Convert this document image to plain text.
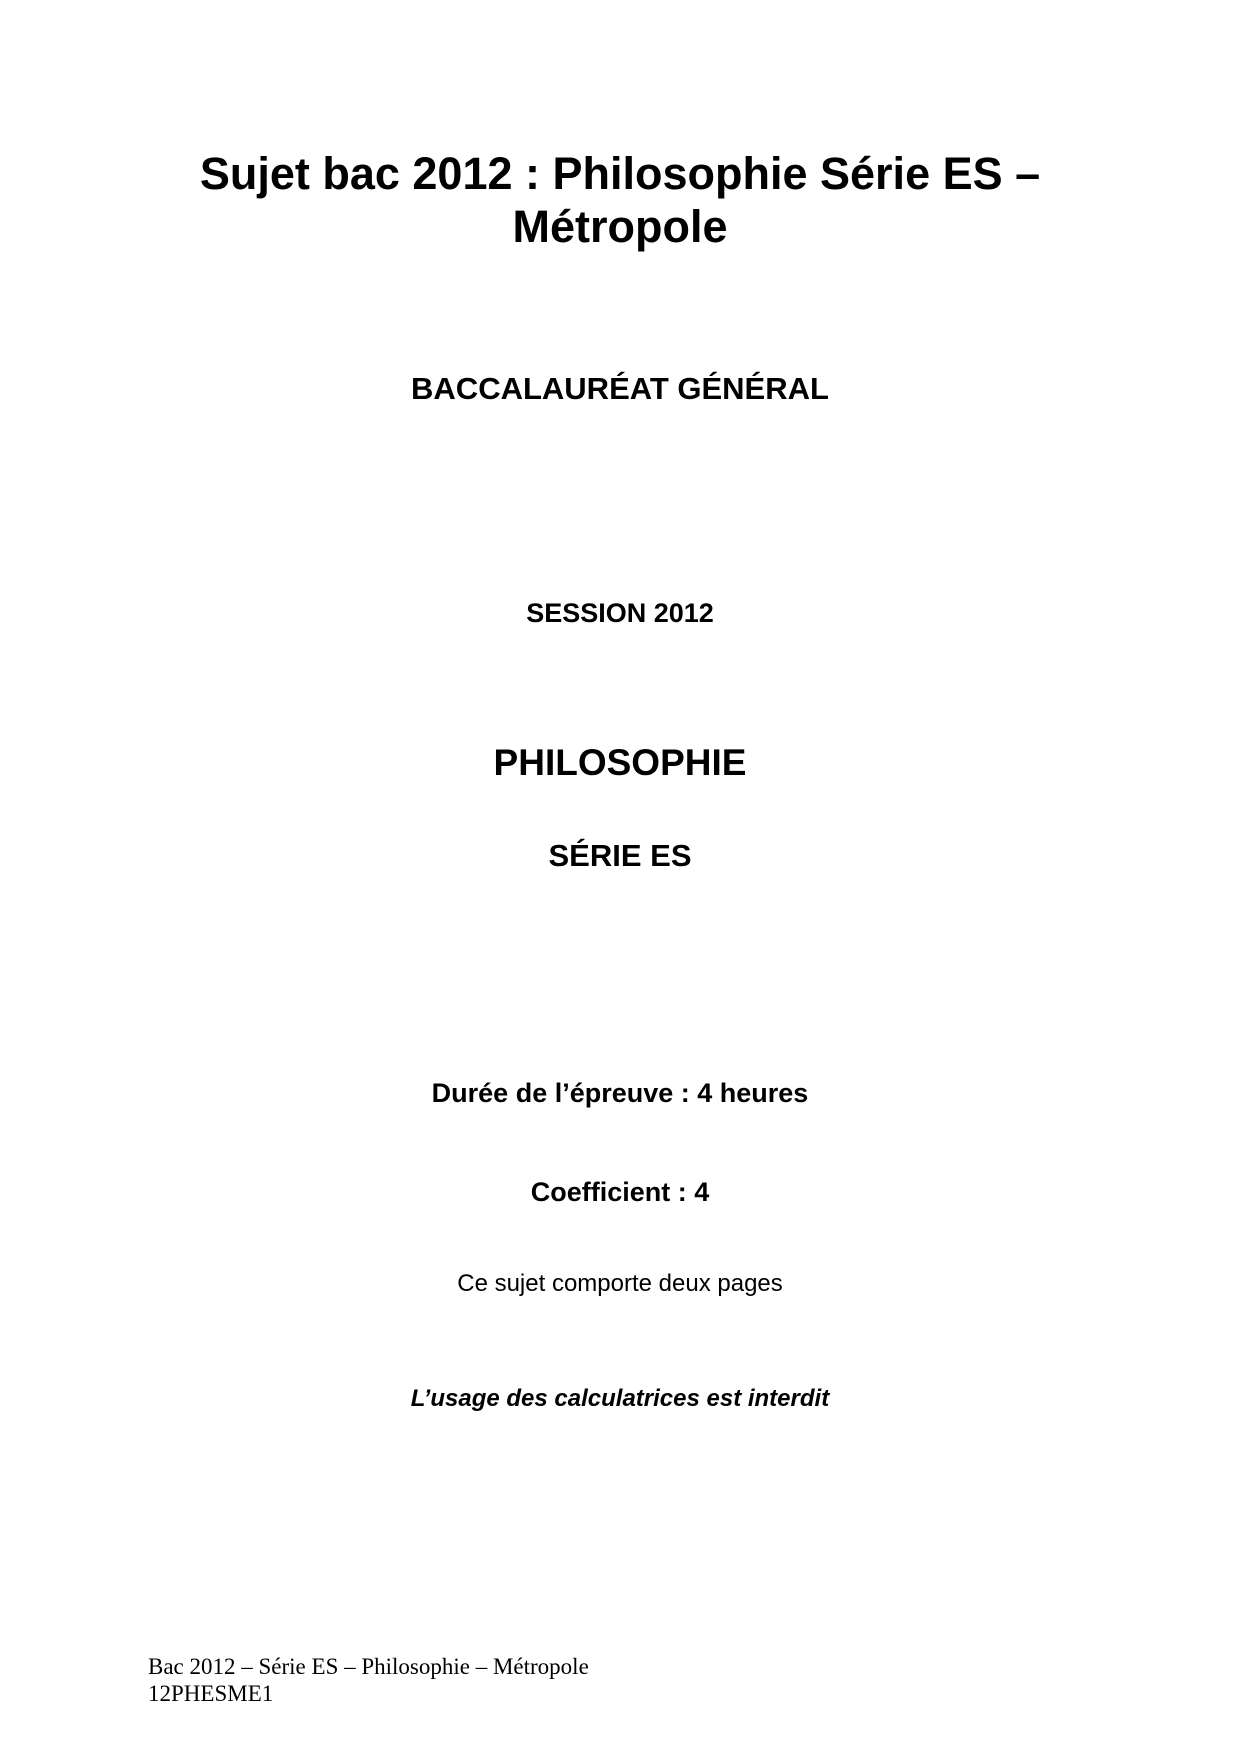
Sujet bac 2012 : Philosophie Série ES –
Métropole
BACCALAURÉAT GÉNÉRAL
SESSION 2012
PHILOSOPHIE
SÉRIE ES
Durée de l’épreuve : 4 heures
Coefficient : 4
Ce sujet comporte deux pages
L’usage des calculatrices est interdit
Bac 2012 – Série ES – Philosophie – Métropole
12PHESME1
